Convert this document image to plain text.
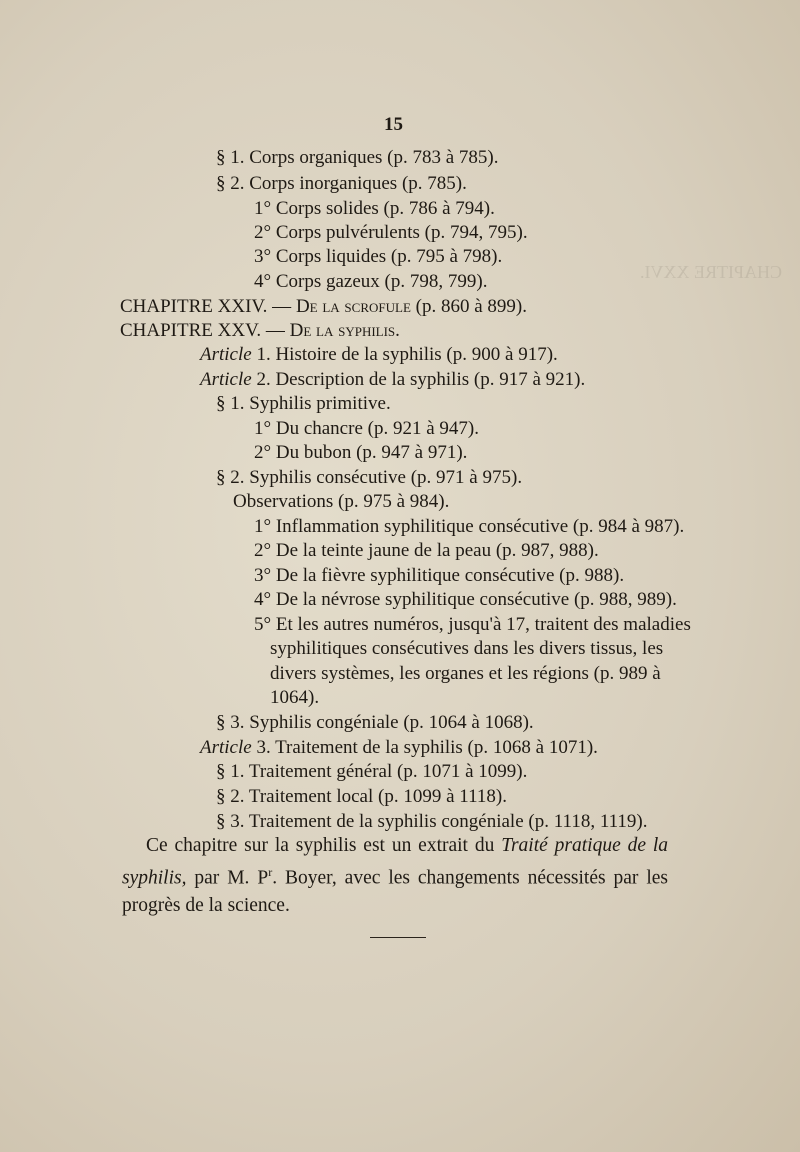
CHAPITRE XXVI.
15
§ 1. Corps organiques (p. 783 à 785).
§ 2. Corps inorganiques (p. 785).
1° Corps solides (p. 786 à 794).
2° Corps pulvérulents (p. 794, 795).
3° Corps liquides (p. 795 à 798).
4° Corps gazeux (p. 798, 799).
CHAPITRE XXIV. — De la scrofule (p. 860 à 899).
CHAPITRE XXV. — De la syphilis.
Article 1. Histoire de la syphilis (p. 900 à 917).
Article 2. Description de la syphilis (p. 917 à 921).
§ 1. Syphilis primitive.
1° Du chancre (p. 921 à 947).
2° Du bubon (p. 947 à 971).
§ 2. Syphilis consécutive (p. 971 à 975).
Observations (p. 975 à 984).
1° Inflammation syphilitique consécutive (p. 984 à 987).
2° De la teinte jaune de la peau (p. 987, 988).
3° De la fièvre syphilitique consécutive (p. 988).
4° De la névrose syphilitique consécutive (p. 988, 989).
5° Et les autres numéros, jusqu'à 17, traitent des maladies
syphilitiques consécutives dans les divers tissus, les
divers systèmes, les organes et les régions (p. 989 à
1064).
§ 3. Syphilis congéniale (p. 1064 à 1068).
Article 3. Traitement de la syphilis (p. 1068 à 1071).
§ 1. Traitement général (p. 1071 à 1099).
§ 2. Traitement local (p. 1099 à 1118).
§ 3. Traitement de la syphilis congéniale (p. 1118, 1119).
Ce chapitre sur la syphilis est un extrait du Traité pratique de la syphilis, par M. $P^r$. Boyer, avec les changements nécessités par les progrès de la science.
